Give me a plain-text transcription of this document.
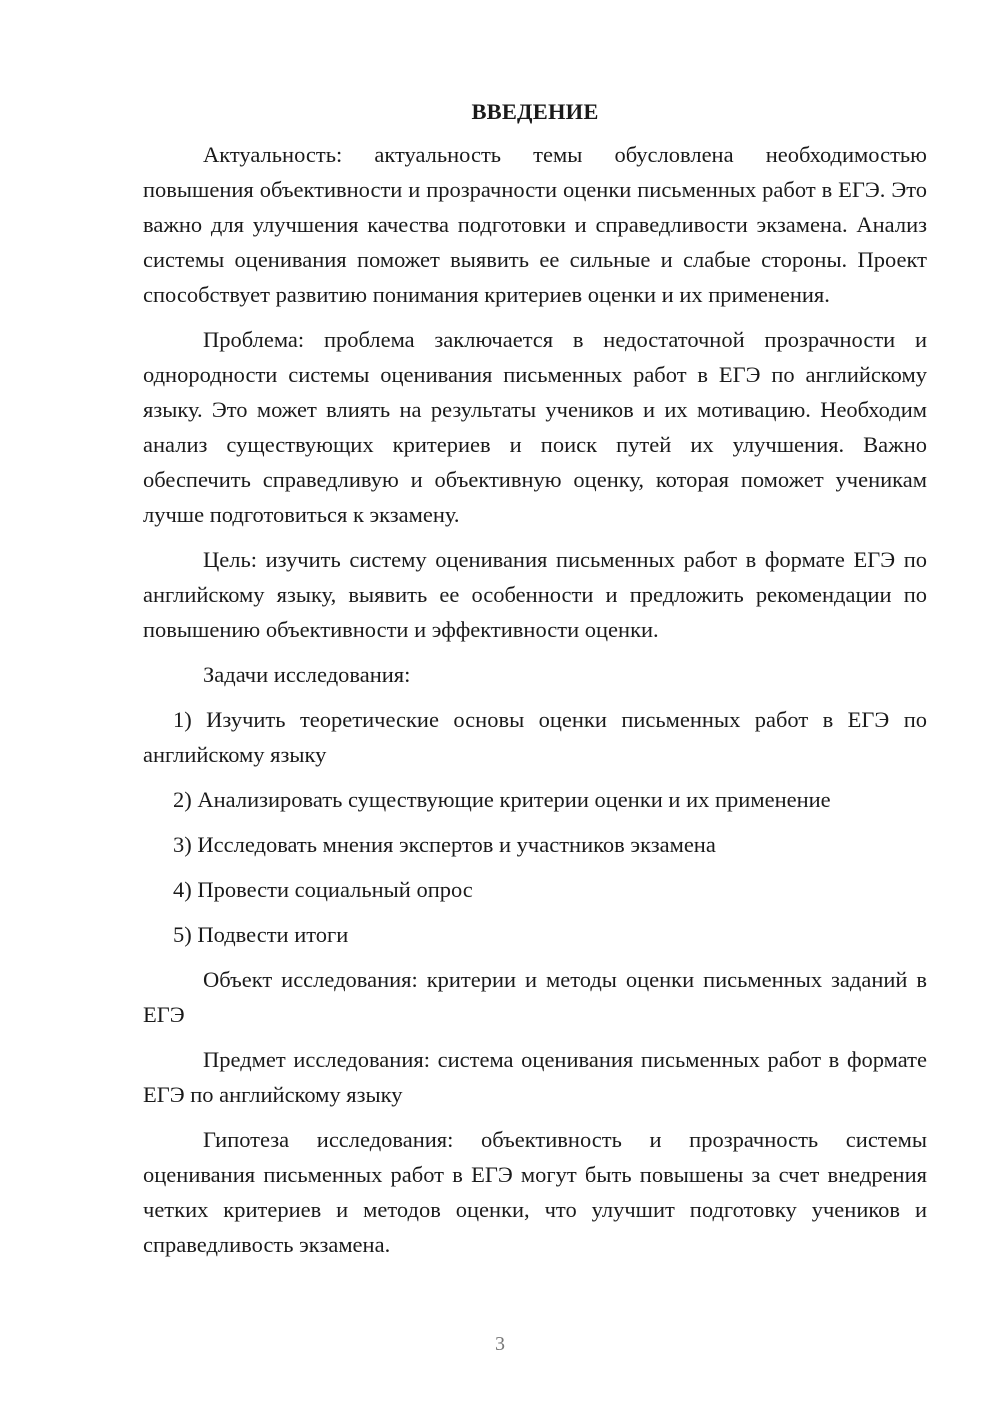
ВВЕДЕНИЕ

Актуальность: актуальность темы обусловлена необходимостью повышения объективности и прозрачности оценки письменных работ в ЕГЭ. Это важно для улучшения качества подготовки и справедливости экзамена. Анализ системы оценивания поможет выявить ее сильные и слабые стороны. Проект способствует развитию понимания критериев оценки и их применения.

Проблема: проблема заключается в недостаточной прозрачности и однородности системы оценивания письменных работ в ЕГЭ по английскому языку. Это может влиять на результаты учеников и их мотивацию. Необходим анализ существующих критериев и поиск путей их улучшения. Важно обеспечить справедливую и объективную оценку, которая поможет ученикам лучше подготовиться к экзамену.

Цель: изучить систему оценивания письменных работ в формате ЕГЭ по английскому языку, выявить ее особенности и предложить рекомендации по повышению объективности и эффективности оценки.

Задачи исследования:

1) Изучить теоретические основы оценки письменных работ в ЕГЭ по английскому языку

2) Анализировать существующие критерии оценки и их применение

3) Исследовать мнения экспертов и участников экзамена

4) Провести социальный опрос

5) Подвести итоги

Объект исследования: критерии и методы оценки письменных заданий в ЕГЭ

Предмет исследования: система оценивания письменных работ в формате ЕГЭ по английскому языку

Гипотеза исследования: объективность и прозрачность системы оценивания письменных работ в ЕГЭ могут быть повышены за счет внедрения четких критериев и методов оценки, что улучшит подготовку учеников и справедливость экзамена.

3
